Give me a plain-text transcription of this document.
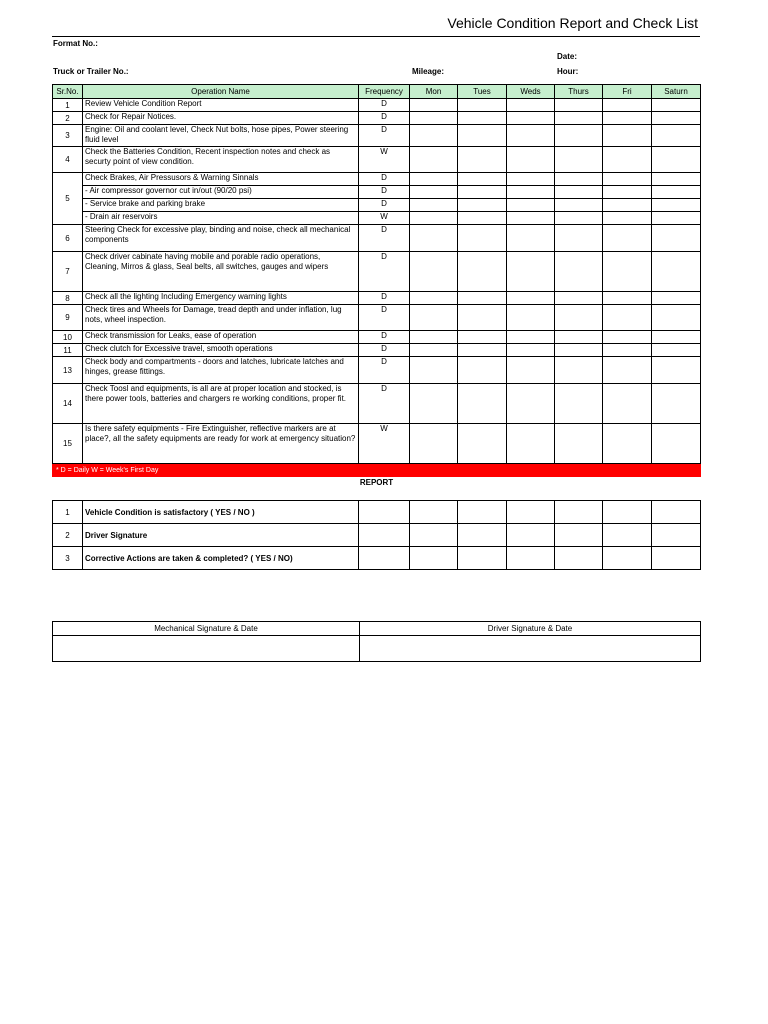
Vehicle Condition Report and Check List
Format No.:
Date:
Truck or Trailer No.:	Mileage:	Hour:
Sr.No.	Operation Name	Frequency	Mon	Tues	Weds	Thurs	Fri	Saturn
1	Review Vehicle Condition Report	D						
2	Check for Repair Notices.	D						
3	Engine: Oil and coolant level, Check Nut bolts, hose pipes, Power steering fluid level	D						
4	Check the Batteries Condition, Recent inspection notes and check as securty point of view condition.	W						
5	Check Brakes, Air Pressusors & Warning Sinnals	D						
	- Air compressor governor cut in/out (90/20 psi)	D						
	- Service brake and parking brake	D						
	- Drain air reservoirs	W						
6	Steering Check for excessive play, binding and noise, check all mechanical components	D						
7	Check driver cabinate having mobile and porable radio operations, Cleaning, Mirros & glass, Seal belts, all switches, gauges and wipers	D						
8	Check all the lighting Including Emergency warning lights	D						
9	Check tires and Wheels for Damage, tread depth and under inflation, lug nots, wheel inspection.	D						
10	Check transmission for Leaks, ease of operation	D						
11	Check clutch for Excessive travel, smooth operations	D						
13	Check body and compartments - doors and latches, lubricate latches and hinges, grease fittings.	D						
14	Check Toosl and equipments, is all are at proper location and stocked, is there power tools, batteries and chargers re working conditions, proper fit.	D						
15	Is there safety equipments - Fire Extinguisher, reflective markers are at place?, all the safety equipments are ready for work at emergency situation?	W						
* D = Daily W = Week's First Day								
REPORT								
1	Vehicle Condition is satisfactory ( YES / NO )							
2	Driver Signature							
3	Corrective Actions are taken & completed? ( YES / NO)							
Mechanical Signature & Date	Driver Signature & Date
